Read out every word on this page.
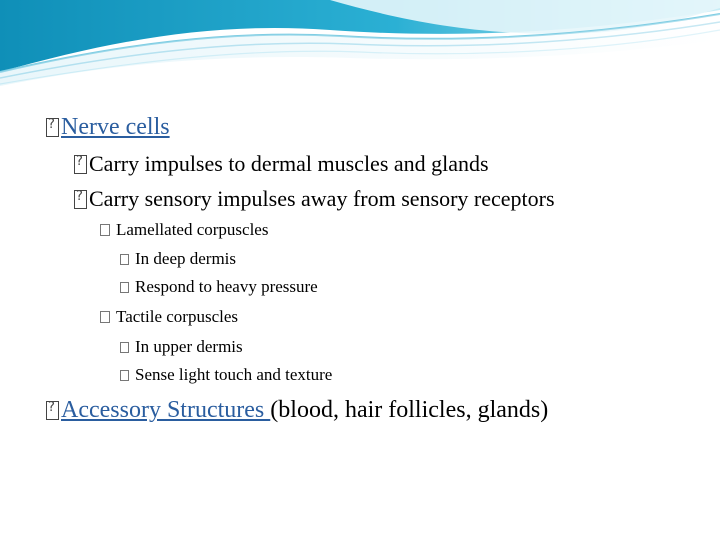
?Nerve cells
?Carry impulses to dermal muscles and glands
?Carry sensory impulses away from sensory receptors
Lamellated corpuscles
In deep dermis
Respond to heavy pressure
Tactile corpuscles
In upper dermis
Sense light touch and texture
?Accessory Structures (blood, hair follicles, glands)
